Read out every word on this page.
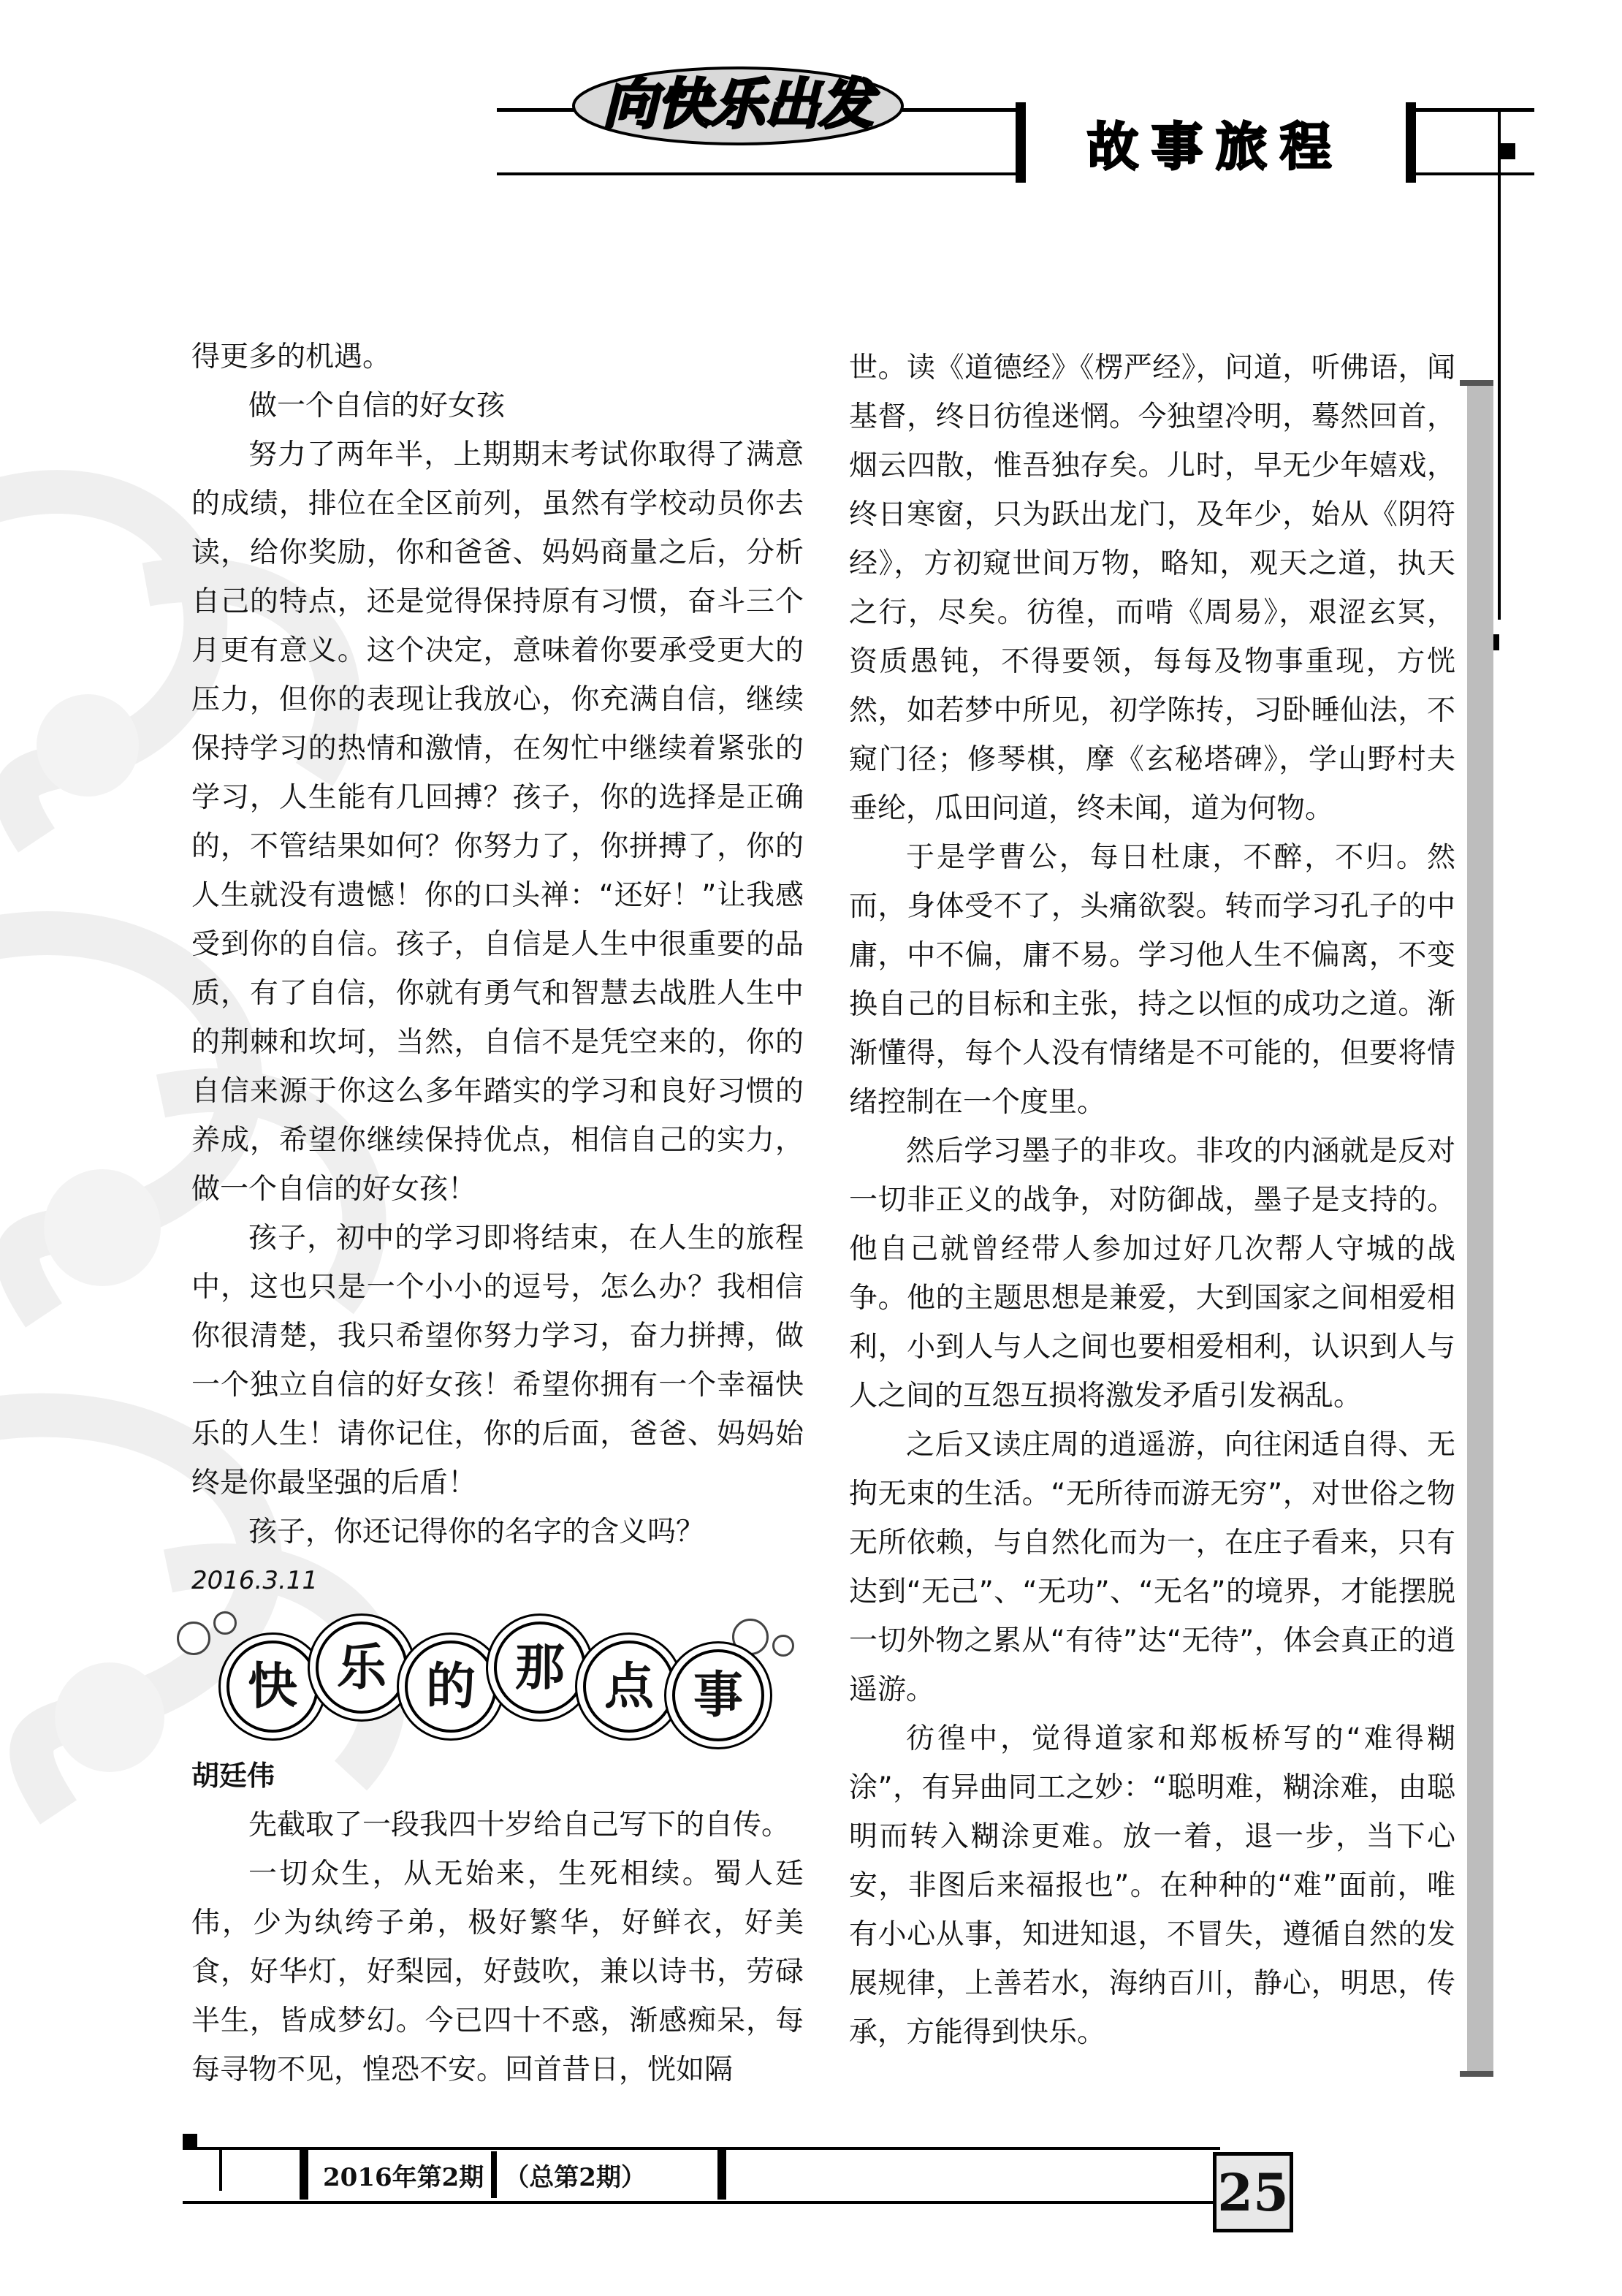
向快乐出发
故事旅程

得更多的机遇。

做一个自信的好女孩

努力了两年半，上期期末考试你取得了满意的成绩，排位在全区前列，虽然有学校动员你去读，给你奖励，你和爸爸、妈妈商量之后，分析自己的特点，还是觉得保持原有习惯，奋斗三个月更有意义。这个决定，意味着你要承受更大的压力，但你的表现让我放心，你充满自信，继续保持学习的热情和激情，在匆忙中继续着紧张的学习，人生能有几回搏？孩子，你的选择是正确的，不管结果如何？你努力了，你拼搏了，你的人生就没有遗憾！你的口头禅：“还好！”让我感受到你的自信。孩子，自信是人生中很重要的品质，有了自信，你就有勇气和智慧去战胜人生中的荆棘和坎坷，当然，自信不是凭空来的，你的自信来源于你这么多年踏实的学习和良好习惯的养成，希望你继续保持优点，相信自己的实力，做一个自信的好女孩！

孩子，初中的学习即将结束，在人生的旅程中，这也只是一个小小的逗号，怎么办？我相信你很清楚，我只希望你努力学习，奋力拼搏，做一个独立自信的好女孩！希望你拥有一个幸福快乐的人生！请你记住，你的后面，爸爸、妈妈始终是你最坚强的后盾！

孩子，你还记得你的名字的含义吗？

2016.3.11

快 乐 的 那 点 事

胡廷伟

先截取了一段我四十岁给自己写下的自传。

一切众生，从无始来，生死相续。蜀人廷伟，少为纨绔子弟，极好繁华，好鲜衣，好美食，好华灯，好梨园，好鼓吹，兼以诗书，劳碌半生，皆成梦幻。今已四十不惑，渐感痴呆，每每寻物不见，惶恐不安。回首昔日，恍如隔

世。读《道德经》《楞严经》，问道，听佛语，闻基督，终日彷徨迷惘。今独望冷明，蓦然回首，烟云四散，惟吾独存矣。儿时，早无少年嬉戏，终日寒窗，只为跃出龙门，及年少，始从《阴符经》，方初窥世间万物，略知，观天之道，执天之行，尽矣。彷徨，而啃《周易》，艰涩玄冥，资质愚钝，不得要领，每每及物事重现，方恍然，如若梦中所见，初学陈抟，习卧睡仙法，不窥门径；修琴棋，摩《玄秘塔碑》，学山野村夫垂纶，瓜田问道，终未闻，道为何物。

于是学曹公，每日杜康，不醉，不归。然而，身体受不了，头痛欲裂。转而学习孔子的中庸，中不偏，庸不易。学习他人生不偏离，不变换自己的目标和主张，持之以恒的成功之道。渐渐懂得，每个人没有情绪是不可能的，但要将情绪控制在一个度里。

然后学习墨子的非攻。非攻的内涵就是反对一切非正义的战争，对防御战，墨子是支持的。他自己就曾经带人参加过好几次帮人守城的战争。他的主题思想是兼爱，大到国家之间相爱相利，小到人与人之间也要相爱相利，认识到人与人之间的互怨互损将激发矛盾引发祸乱。

之后又读庄周的逍遥游，向往闲适自得、无拘无束的生活。“无所待而游无穷”，对世俗之物无所依赖，与自然化而为一，在庄子看来，只有达到“无己”、“无功”、“无名”的境界，才能摆脱一切外物之累从“有待”达“无待”，体会真正的逍遥游。

彷徨中，觉得道家和郑板桥写的“难得糊涂”，有异曲同工之妙：“聪明难，糊涂难，由聪明而转入糊涂更难。放一着，退一步，当下心安，非图后来福报也”。在种种的“难”面前，唯有小心从事，知进知退，不冒失，遵循自然的发展规律，上善若水，海纳百川，静心，明思，传承，方能得到快乐。

2016年第2期 （总第2期）	25
